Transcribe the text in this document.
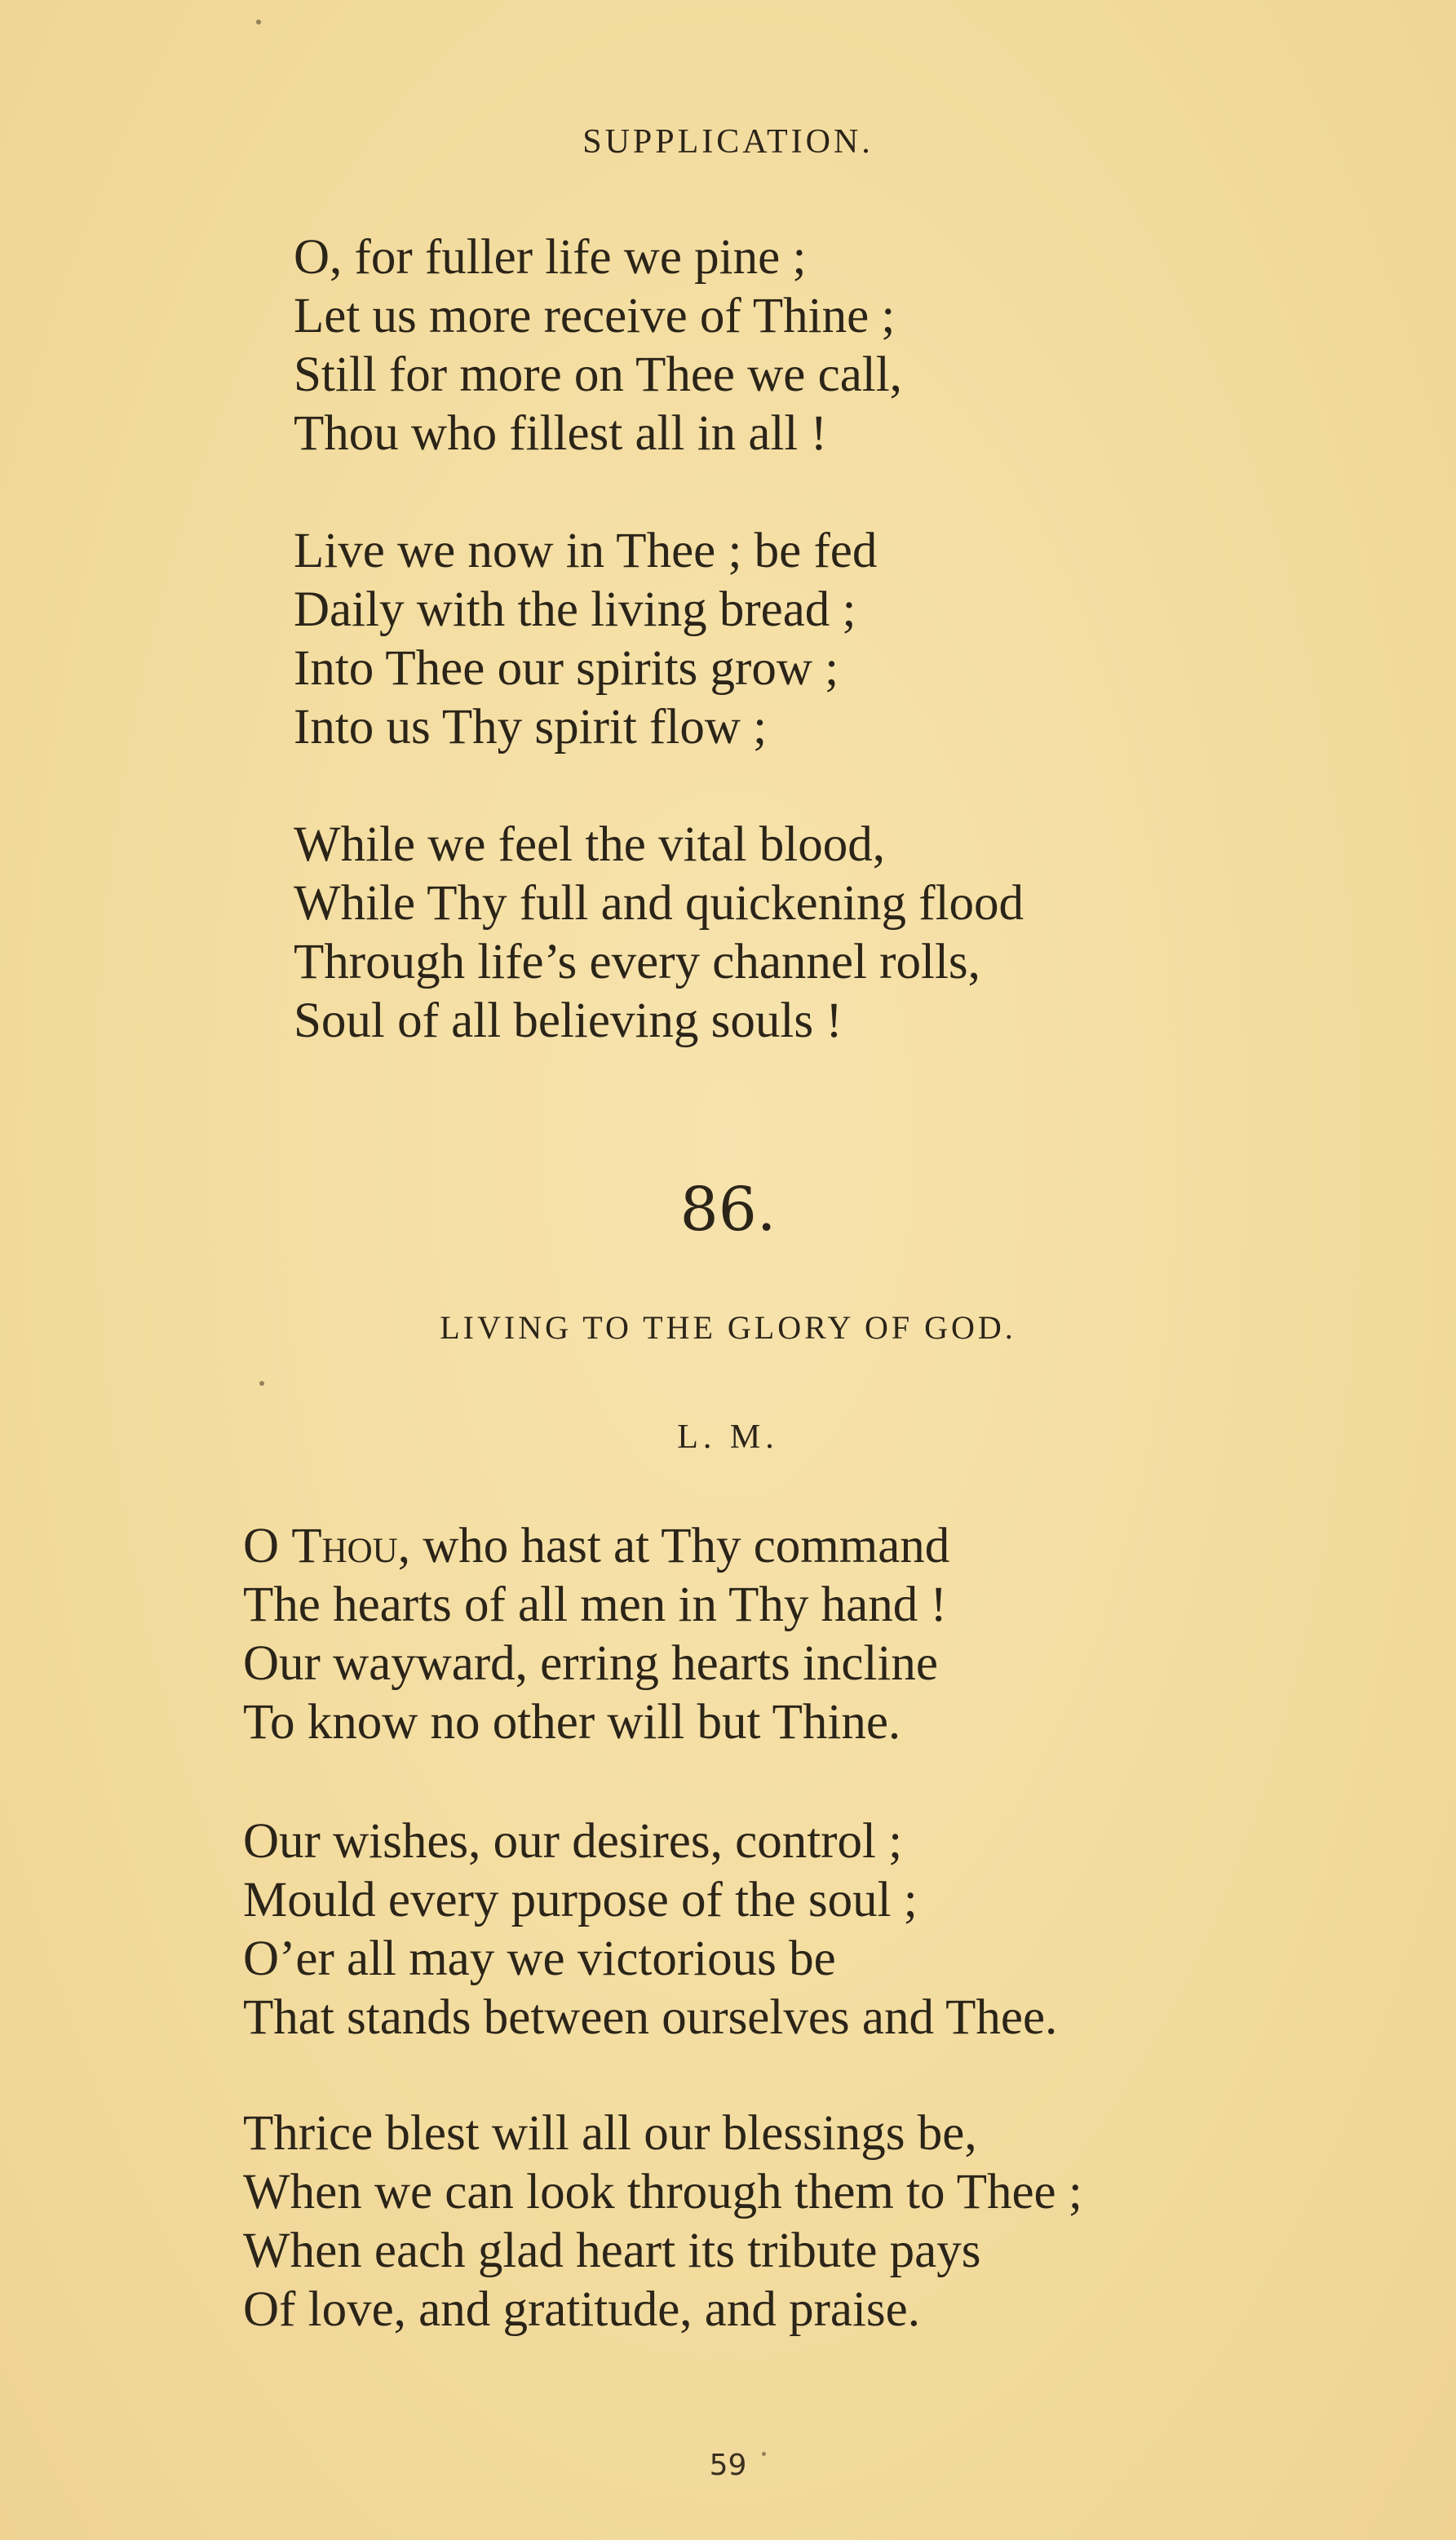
SUPPLICATION.
O, for fuller life we pine ;
Let us more receive of Thine ;
Still for more on Thee we call,
Thou who fillest all in all !
Live we now in Thee ; be fed
Daily with the living bread ;
Into Thee our spirits grow ;
Into us Thy spirit flow ;
While we feel the vital blood,
While Thy full and quickening flood
Through life’s every channel rolls,
Soul of all believing souls !
86.
LIVING TO THE GLORY OF GOD.
L. M.
O Thou, who hast at Thy command
The hearts of all men in Thy hand !
Our wayward, erring hearts incline
To know no other will but Thine.
Our wishes, our desires, control ;
Mould every purpose of the soul ;
O’er all may we victorious be
That stands between ourselves and Thee.
Thrice blest will all our blessings be,
When we can look through them to Thee ;
When each glad heart its tribute pays
Of love, and gratitude, and praise.
59
